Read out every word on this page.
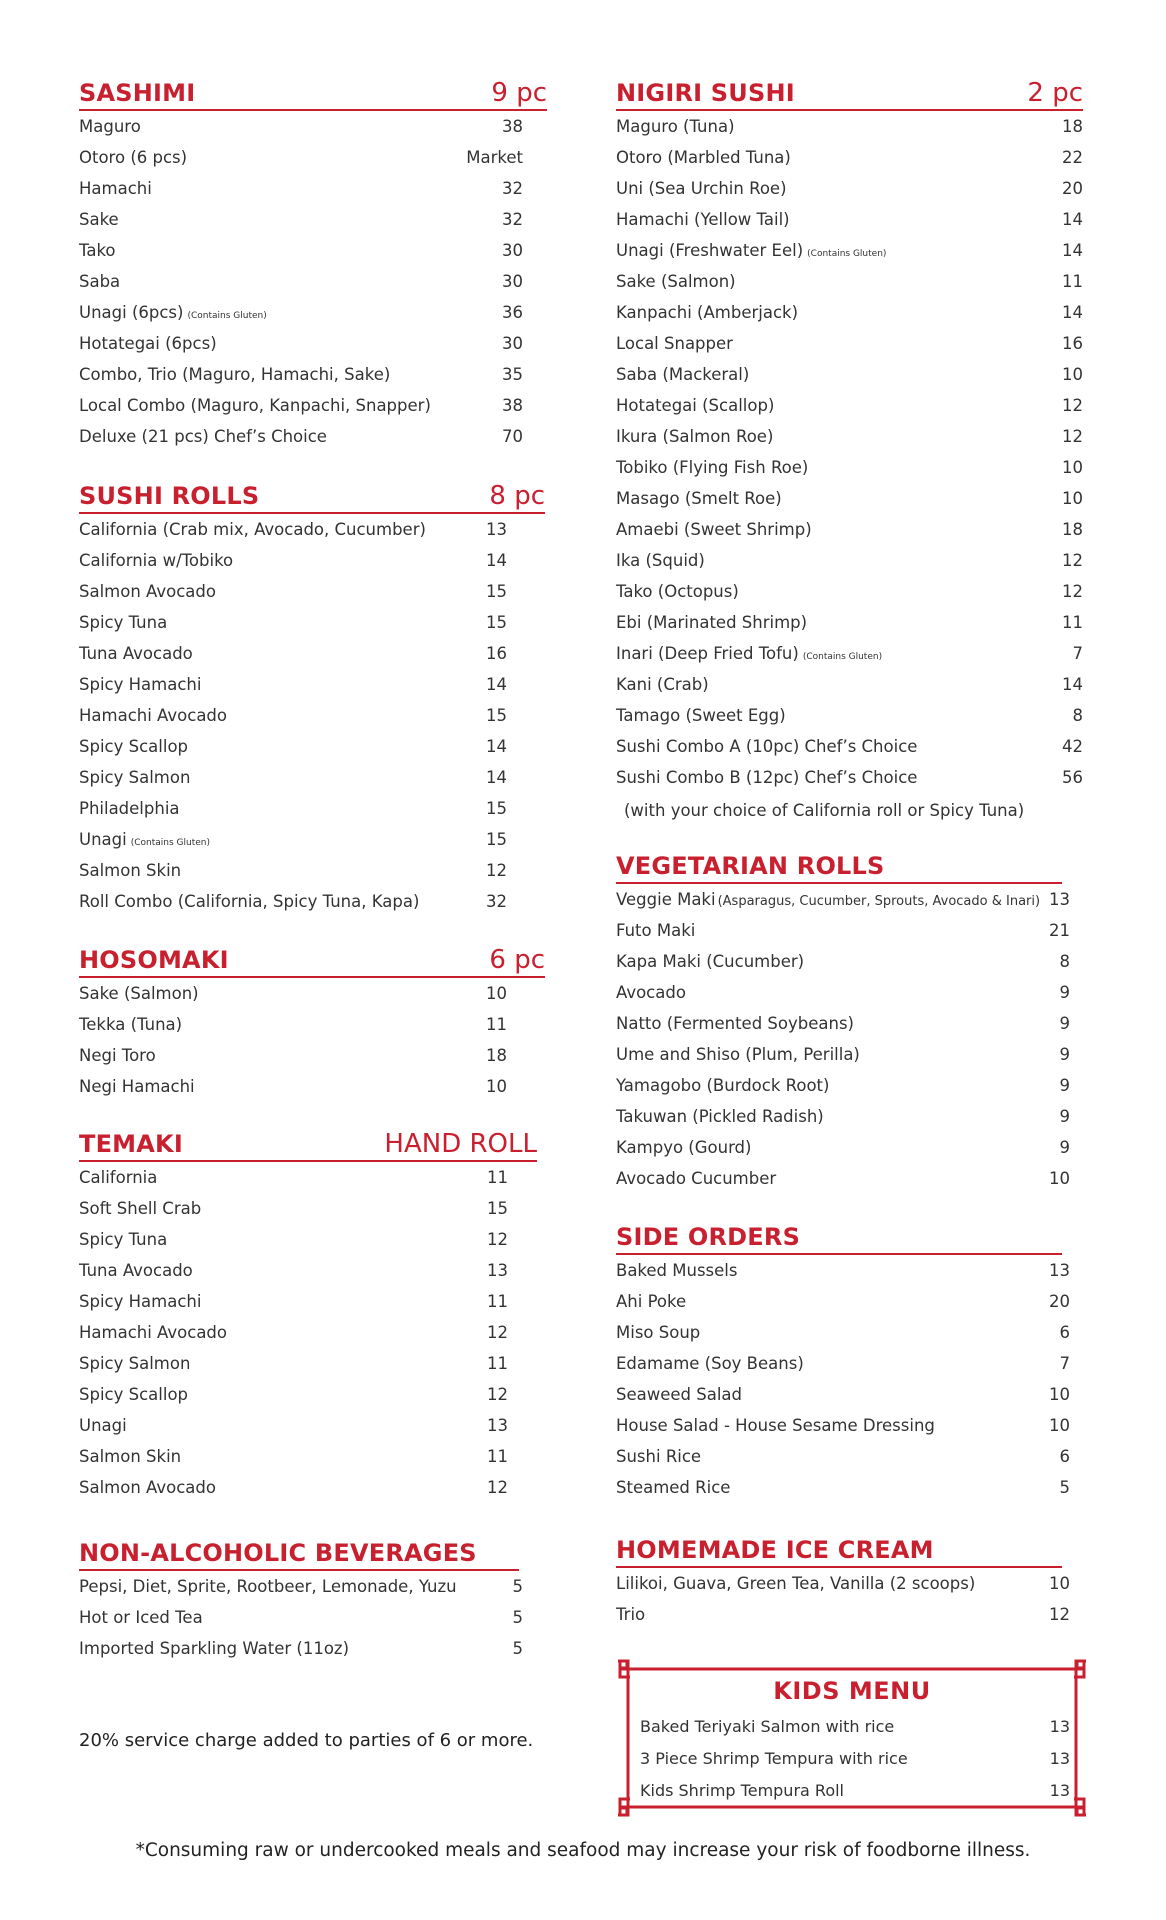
SASHIMI	9 pc
Maguro	38
Otoro (6 pcs)	Market
Hamachi	32
Sake	32
Tako	30
Saba	30
Unagi (6pcs) (Contains Gluten)	36
Hotategai (6pcs)	30
Combo, Trio (Maguro, Hamachi, Sake)	35
Local Combo (Maguro, Kanpachi, Snapper)	38
Deluxe (21 pcs) Chef’s Choice	70
SUSHI ROLLS	8 pc
California (Crab mix, Avocado, Cucumber)	13
California w/Tobiko	14
Salmon Avocado	15
Spicy Tuna	15
Tuna Avocado	16
Spicy Hamachi	14
Hamachi Avocado	15
Spicy Scallop	14
Spicy Salmon	14
Philadelphia	15
Unagi (Contains Gluten)	15
Salmon Skin	12
Roll Combo (California, Spicy Tuna, Kapa)	32
HOSOMAKI	6 pc
Sake (Salmon)	10
Tekka (Tuna)	11
Negi Toro	18
Negi Hamachi	10
TEMAKI	HAND ROLL
California	11
Soft Shell Crab	15
Spicy Tuna	12
Tuna Avocado	13
Spicy Hamachi	11
Hamachi Avocado	12
Spicy Salmon	11
Spicy Scallop	12
Unagi	13
Salmon Skin	11
Salmon Avocado	12
NON-ALCOHOLIC BEVERAGES
Pepsi, Diet, Sprite, Rootbeer, Lemonade, Yuzu	5
Hot or Iced Tea	5
Imported Sparkling Water (11oz)	5
20% service charge added to parties of 6 or more.
NIGIRI SUSHI	2 pc
Maguro (Tuna)	18
Otoro (Marbled Tuna)	22
Uni (Sea Urchin Roe)	20
Hamachi (Yellow Tail)	14
Unagi (Freshwater Eel) (Contains Gluten)	14
Sake (Salmon)	11
Kanpachi (Amberjack)	14
Local Snapper	16
Saba (Mackeral)	10
Hotategai (Scallop)	12
Ikura (Salmon Roe)	12
Tobiko (Flying Fish Roe)	10
Masago (Smelt Roe)	10
Amaebi (Sweet Shrimp)	18
Ika (Squid)	12
Tako (Octopus)	12
Ebi (Marinated Shrimp)	11
Inari (Deep Fried Tofu) (Contains Gluten)	7
Kani (Crab)	14
Tamago (Sweet Egg)	8
Sushi Combo A (10pc) Chef’s Choice	42
Sushi Combo B (12pc) Chef’s Choice	56
(with your choice of California roll or Spicy Tuna)
VEGETARIAN ROLLS
Veggie Maki (Asparagus, Cucumber, Sprouts, Avocado & Inari) 13
Futo Maki	21
Kapa Maki (Cucumber)	8
Avocado	9
Natto (Fermented Soybeans)	9
Ume and Shiso (Plum, Perilla)	9
Yamagobo (Burdock Root)	9
Takuwan (Pickled Radish)	9
Kampyo (Gourd)	9
Avocado Cucumber	10
SIDE ORDERS
Baked Mussels	13
Ahi Poke	20
Miso Soup	6
Edamame (Soy Beans)	7
Seaweed Salad	10
House Salad - House Sesame Dressing	10
Sushi Rice	6
Steamed Rice	5
HOMEMADE ICE CREAM
Lilikoi, Guava, Green Tea, Vanilla (2 scoops)	10
Trio	12
KIDS MENU
Baked Teriyaki Salmon with rice	13
3 Piece Shrimp Tempura with rice	13
Kids Shrimp Tempura Roll	13
*Consuming raw or undercooked meals and seafood may increase your risk of foodborne illness.
